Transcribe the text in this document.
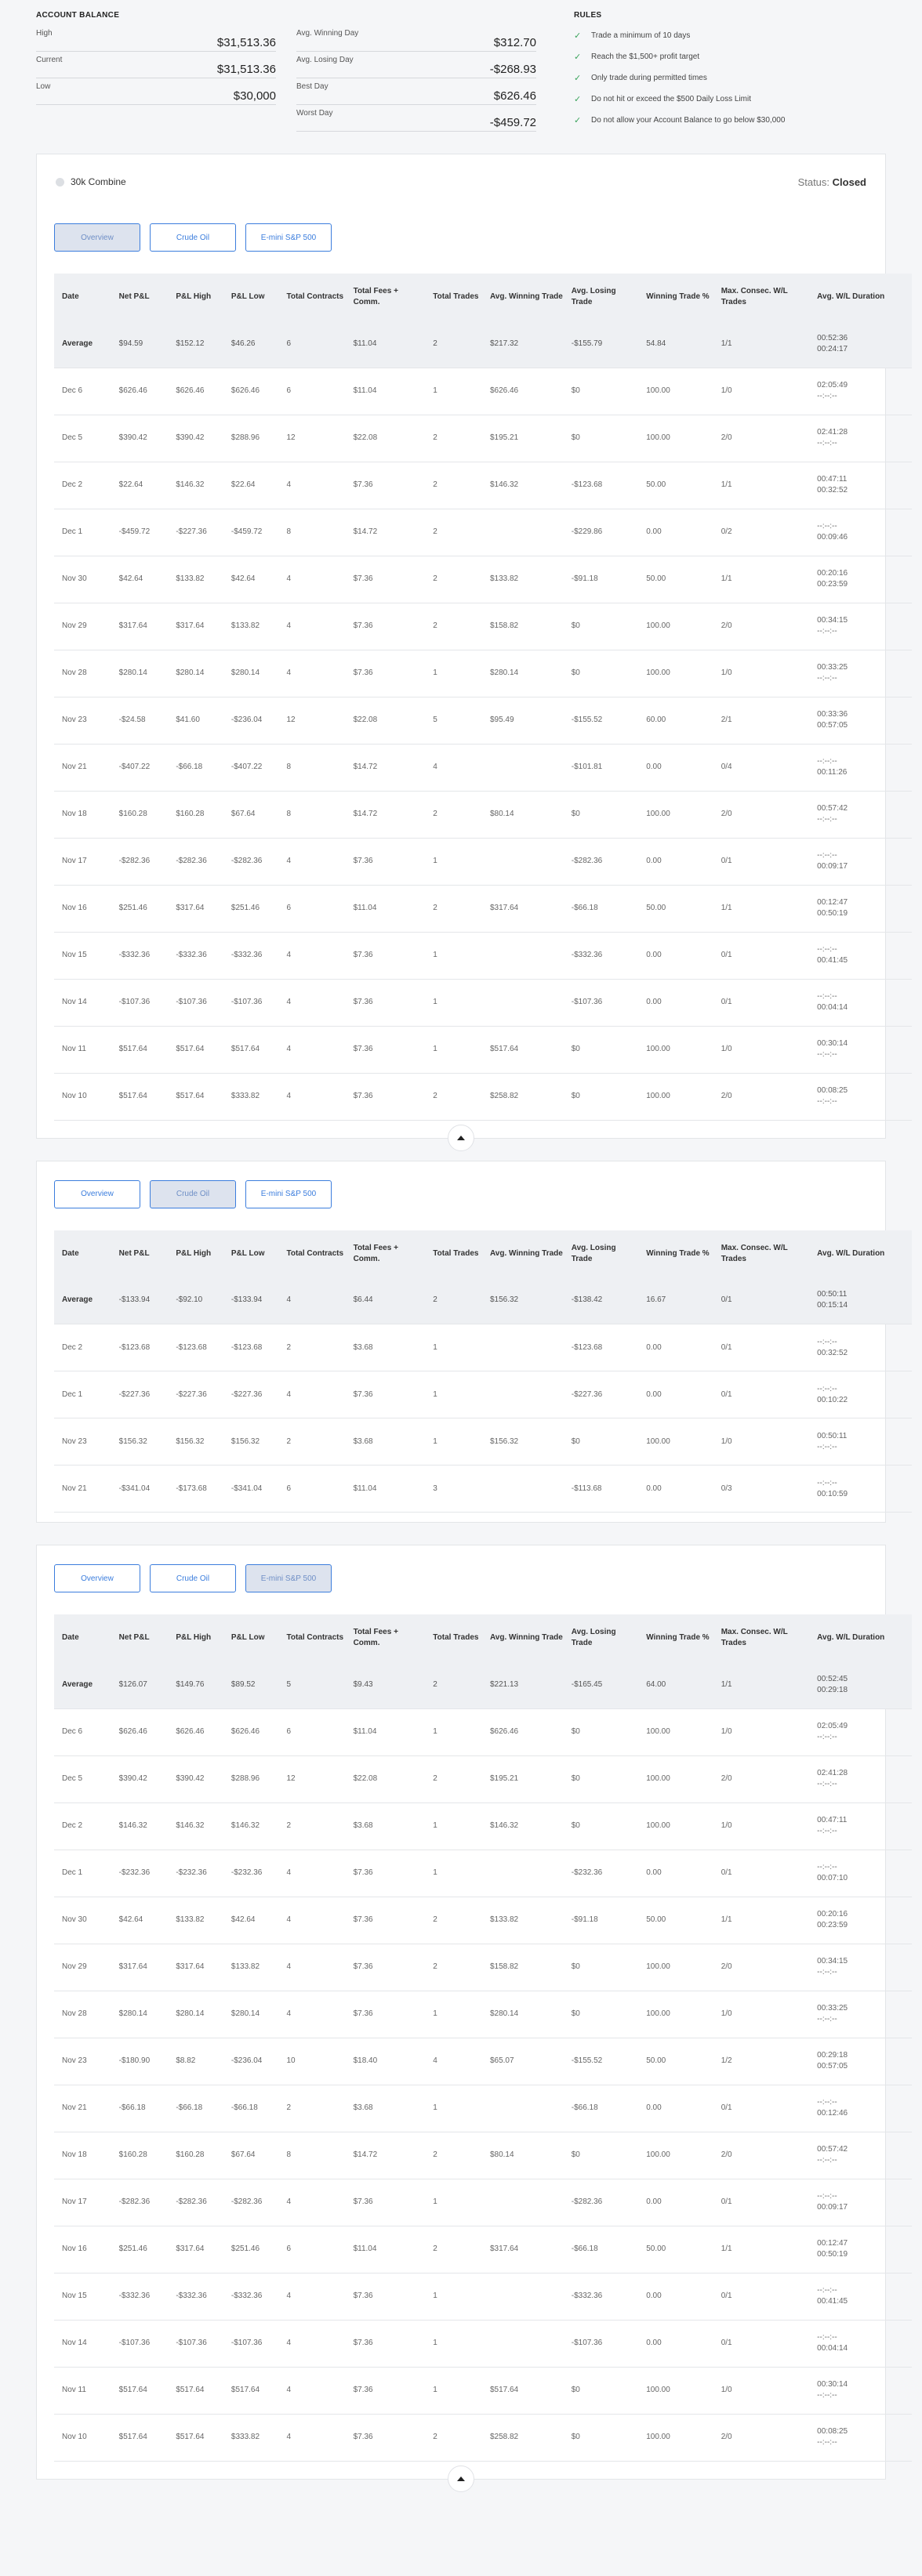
ACCOUNT BALANCE
High
$31,513.36
Current
$31,513.36
Low
$30,000
Avg. Winning Day
$312.70
Avg. Losing Day
-$268.93
Best Day
$626.46
Worst Day
-$459.72
RULES
✓	Trade a minimum of 10 days
✓	Reach the $1,500+ profit target
✓	Only trade during permitted times
✓	Do not hit or exceed the $500 Daily Loss Limit
✓	Do not allow your Account Balance to go below $30,000
30k Combine	Status: Closed
Overview	Crude Oil	E-mini S&P 500
Date	Net P&L	P&L High	P&L Low	Total Contracts	Total Fees + Comm.	Total Trades	Avg. Winning Trade	Avg. Losing Trade	Winning Trade %	Max. Consec. W/L Trades	Avg. W/L Duration	
Average	$94.59	$152.12	$46.26	6	$11.04	2	$217.32	-$155.79	54.84	1/1	00:52:36
00:24:17	

Dec 6	$626.46	$626.46	$626.46	6	$11.04	1	$626.46	$0	100.00	1/0	02:05:49
--:--:--	

Dec 5	$390.42	$390.42	$288.96	12	$22.08	2	$195.21	$0	100.00	2/0	02:41:28
--:--:--	

Dec 2	$22.64	$146.32	$22.64	4	$7.36	2	$146.32	-$123.68	50.00	1/1	00:47:11
00:32:52	

Dec 1	-$459.72	-$227.36	-$459.72	8	$14.72	2		-$229.86	0.00	0/2	--:--:--
00:09:46	

Nov 30	$42.64	$133.82	$42.64	4	$7.36	2	$133.82	-$91.18	50.00	1/1	00:20:16
00:23:59	

Nov 29	$317.64	$317.64	$133.82	4	$7.36	2	$158.82	$0	100.00	2/0	00:34:15
--:--:--	

Nov 28	$280.14	$280.14	$280.14	4	$7.36	1	$280.14	$0	100.00	1/0	00:33:25
--:--:--	

Nov 23	-$24.58	$41.60	-$236.04	12	$22.08	5	$95.49	-$155.52	60.00	2/1	00:33:36
00:57:05	

Nov 21	-$407.22	-$66.18	-$407.22	8	$14.72	4		-$101.81	0.00	0/4	--:--:--
00:11:26	

Nov 18	$160.28	$160.28	$67.64	8	$14.72	2	$80.14	$0	100.00	2/0	00:57:42
--:--:--	

Nov 17	-$282.36	-$282.36	-$282.36	4	$7.36	1		-$282.36	0.00	0/1	--:--:--
00:09:17	

Nov 16	$251.46	$317.64	$251.46	6	$11.04	2	$317.64	-$66.18	50.00	1/1	00:12:47
00:50:19	

Nov 15	-$332.36	-$332.36	-$332.36	4	$7.36	1		-$332.36	0.00	0/1	--:--:--
00:41:45	

Nov 14	-$107.36	-$107.36	-$107.36	4	$7.36	1		-$107.36	0.00	0/1	--:--:--
00:04:14	

Nov 11	$517.64	$517.64	$517.64	4	$7.36	1	$517.64	$0	100.00	1/0	00:30:14
--:--:--	

Nov 10	$517.64	$517.64	$333.82	4	$7.36	2	$258.82	$0	100.00	2/0	00:08:25
--:--:--	

Overview	Crude Oil	E-mini S&P 500
Date	Net P&L	P&L High	P&L Low	Total Contracts	Total Fees + Comm.	Total Trades	Avg. Winning Trade	Avg. Losing Trade	Winning Trade %	Max. Consec. W/L Trades	Avg. W/L Duration	
Average	-$133.94	-$92.10	-$133.94	4	$6.44	2	$156.32	-$138.42	16.67	0/1	00:50:11
00:15:14	

Dec 2	-$123.68	-$123.68	-$123.68	2	$3.68	1		-$123.68	0.00	0/1	--:--:--
00:32:52	

Dec 1	-$227.36	-$227.36	-$227.36	4	$7.36	1		-$227.36	0.00	0/1	--:--:--
00:10:22	

Nov 23	$156.32	$156.32	$156.32	2	$3.68	1	$156.32	$0	100.00	1/0	00:50:11
--:--:--	

Nov 21	-$341.04	-$173.68	-$341.04	6	$11.04	3		-$113.68	0.00	0/3	--:--:--
00:10:59	

Overview	Crude Oil	E-mini S&P 500
Date	Net P&L	P&L High	P&L Low	Total Contracts	Total Fees + Comm.	Total Trades	Avg. Winning Trade	Avg. Losing Trade	Winning Trade %	Max. Consec. W/L Trades	Avg. W/L Duration	
Average	$126.07	$149.76	$89.52	5	$9.43	2	$221.13	-$165.45	64.00	1/1	00:52:45
00:29:18	

Dec 6	$626.46	$626.46	$626.46	6	$11.04	1	$626.46	$0	100.00	1/0	02:05:49
--:--:--	

Dec 5	$390.42	$390.42	$288.96	12	$22.08	2	$195.21	$0	100.00	2/0	02:41:28
--:--:--	

Dec 2	$146.32	$146.32	$146.32	2	$3.68	1	$146.32	$0	100.00	1/0	00:47:11
--:--:--	

Dec 1	-$232.36	-$232.36	-$232.36	4	$7.36	1		-$232.36	0.00	0/1	--:--:--
00:07:10	

Nov 30	$42.64	$133.82	$42.64	4	$7.36	2	$133.82	-$91.18	50.00	1/1	00:20:16
00:23:59	

Nov 29	$317.64	$317.64	$133.82	4	$7.36	2	$158.82	$0	100.00	2/0	00:34:15
--:--:--	

Nov 28	$280.14	$280.14	$280.14	4	$7.36	1	$280.14	$0	100.00	1/0	00:33:25
--:--:--	

Nov 23	-$180.90	$8.82	-$236.04	10	$18.40	4	$65.07	-$155.52	50.00	1/2	00:29:18
00:57:05	

Nov 21	-$66.18	-$66.18	-$66.18	2	$3.68	1		-$66.18	0.00	0/1	--:--:--
00:12:46	

Nov 18	$160.28	$160.28	$67.64	8	$14.72	2	$80.14	$0	100.00	2/0	00:57:42
--:--:--	

Nov 17	-$282.36	-$282.36	-$282.36	4	$7.36	1		-$282.36	0.00	0/1	--:--:--
00:09:17	

Nov 16	$251.46	$317.64	$251.46	6	$11.04	2	$317.64	-$66.18	50.00	1/1	00:12:47
00:50:19	

Nov 15	-$332.36	-$332.36	-$332.36	4	$7.36	1		-$332.36	0.00	0/1	--:--:--
00:41:45	

Nov 14	-$107.36	-$107.36	-$107.36	4	$7.36	1		-$107.36	0.00	0/1	--:--:--
00:04:14	

Nov 11	$517.64	$517.64	$517.64	4	$7.36	1	$517.64	$0	100.00	1/0	00:30:14
--:--:--	

Nov 10	$517.64	$517.64	$333.82	4	$7.36	2	$258.82	$0	100.00	2/0	00:08:25
--:--:--	
